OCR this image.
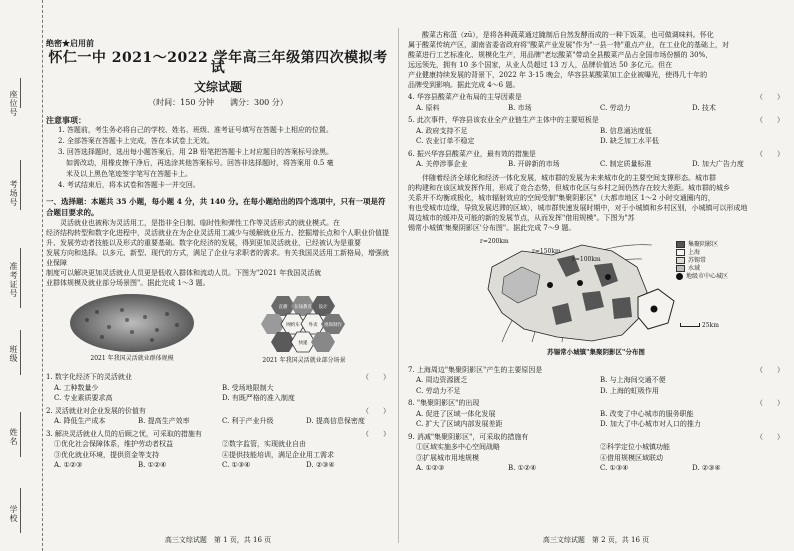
座位号
考场号
准考证号
班级
姓名
学校

绝密★启用前

怀仁一中 2021～2022 学年高三年级第四次模拟考试

文综试题

（时间：150 分钟　　满分：300 分）

注意事项：

1. 答题前，考生务必将自己的学校、姓名、班级、准考证号填写在答题卡上相应的位置。

2. 全部答案在答题卡上完成，答在本试卷上无效。

3. 回答选择题时，选出每小题答案后，用 2B 铅笔把答题卡上对应题目的答案标号涂黑。

如需改动，用橡皮擦干净后，再选涂其他答案标号。回答非选择题时，将答案用 0.5 毫

米及以上黑色笔迹签字笔写在答题卡上。

4. 考试结束后，将本试卷和答题卡一并交回。

一、选择题：本题共 35 小题，每小题 4 分，共 140 分。在每小题给出的四个选项中，只有一项是符合题目要求的。

灵活就业也被称为灵活用工，是指非全日制、临时性和弹性工作等灵活形式的就业模式。在

经济结构转型和数字化进程中，灵活就业在为企业灵活用工减少与缓解就业压力、挖掘增长点和个人职业价值提升、发展劳动者技能以及形式的重要基础。数字化经济的发展，得到更加灵活就业，已经被认为是重要

发展方向和选择。以多元、新型、现代的方式，满足了企业与求职者的需求。有关我国灵活用工新格局，增强就业保障

制度可以解决更加灵活就业人员更是低收入群体和流动人员。下图为"2021 年我国灵活就

业群体规模及就业部分场景图"。据此完成 1～3 题。

2021 年我国灵活就业群体规模
网约车 外卖
快递
直播 在线教育 设计
视频制作
2021 年我国灵活就业部分场景
1. 数字化经济下的灵活就业	（　　）
A. 工种数量少	B. 受场地限制大
C. 专业素质要求高	D. 有既严格的准入制度
2. 灵活就业对企业发展的价值有	（　　）
A. 降低生产成本	B. 提高生产效率	C. 利于产业升级	D. 提高信息保密度
3. 解决灵活就业人员的后顾之忧，可采取的措施有	（　　）
①优化社会保障体系，维护劳动者权益	②数字监管，实现就业自由
③优化就业环境，提供资金等支持	④提供技能培训，满足企业用工需求
A. ①②③	B. ①②④	C. ①③④	D. ②③④
高三文综试题　第 1 页，共 16 页

酸菜古称菹（zū），是将各种蔬菜通过腌制后自然发酵而成的一种下饭菜，也可做调味料。怀化

属于酸菜传统产区，湖南省委省政府将"酸菜产业发展"作为"一县一特"重点产业，在工业化的基础上，对

酸菜进行工艺标准化、规模化生产，用品牌"老坛酸菜"带动全县酸菜产品占全国市场份额的 30%，

远远领先，拥有 10 多个国家，从业人员超过 13 万人，品牌价值达 50 多亿元。但在

产业健康持续发展的背景下，2022 年 3·15 晚会，华容县某酸菜加工企业被曝光，使得几十年的

品牌受到影响。据此完成 4～6 题。

4. 华容县酸菜产业布局的主导因素是	（　　）
A. 原料	B. 市场	C. 劳动力	D. 技术
5. 此次事件，华容县该农业全产业链生产主体中的主要短板是	（　　）
A. 政府支持不足	B. 信息通达度低
C. 农业订单不稳定	D. 缺乏加工水平低
6. 振兴华容县酸菜产业，最有效的措施是	（　　）
A. 关停涉事企业	B. 开辟新的市场	C. 制定质量标准	D. 加大广告力度

伴随着经济全球化和经济一体化发展，城市群的发展为未来城市化的主要空间支撑形态。城市群

的构建和在该区域发挥作用，形成了竞合态势，但城市化区与乡村之间仍然存在较大差距。城市群的城乡

关系并不均衡或极化，城市辐射效应的空间受制"集聚阴影区"（大都市地区 1～2 小时交通圈内的，

有也受城市边缘，导致发展迟滞的区域），城市群快速发展时期中，对于小城镇和乡村区别，小城镇可以形成地

周边城市的缓冲及可能的新的发展节点，从而发挥"借用规模"。下图为"苏

锡常小城镇'集聚阴影区'分布图"。据此完成 7～9 题。

r=200km
r=150km
r=100km
集聚阴影区
上海
苏锡常
水域
地级市中心城区
25km

苏锡常小城镇"集聚阴影区"分布图

7. 上海周边"集聚阴影区"产生的主要原因是	（　　）
A. 周边资源匮乏	B. 与上海间交通不便
C. 劳动力不足	D. 上海的虹吸作用
8. "集聚阴影区"的出现	（　　）
A. 促进了区域一体化发展	B. 改变了中心城市的服务职能
C. 扩大了区域内部发展差距	D. 加大了中心城市对人口的推力
9. 消减"集聚阴影区"，可采取的措施有	（　　）
①区域实施多中心空间战略	②科学定位小城镇功能
③扩展城市用地规模	④借用规模区域联动
A. ①②③	B. ①②④	C. ①③④	D. ②③④
高三文综试题　第 2 页，共 16 页
